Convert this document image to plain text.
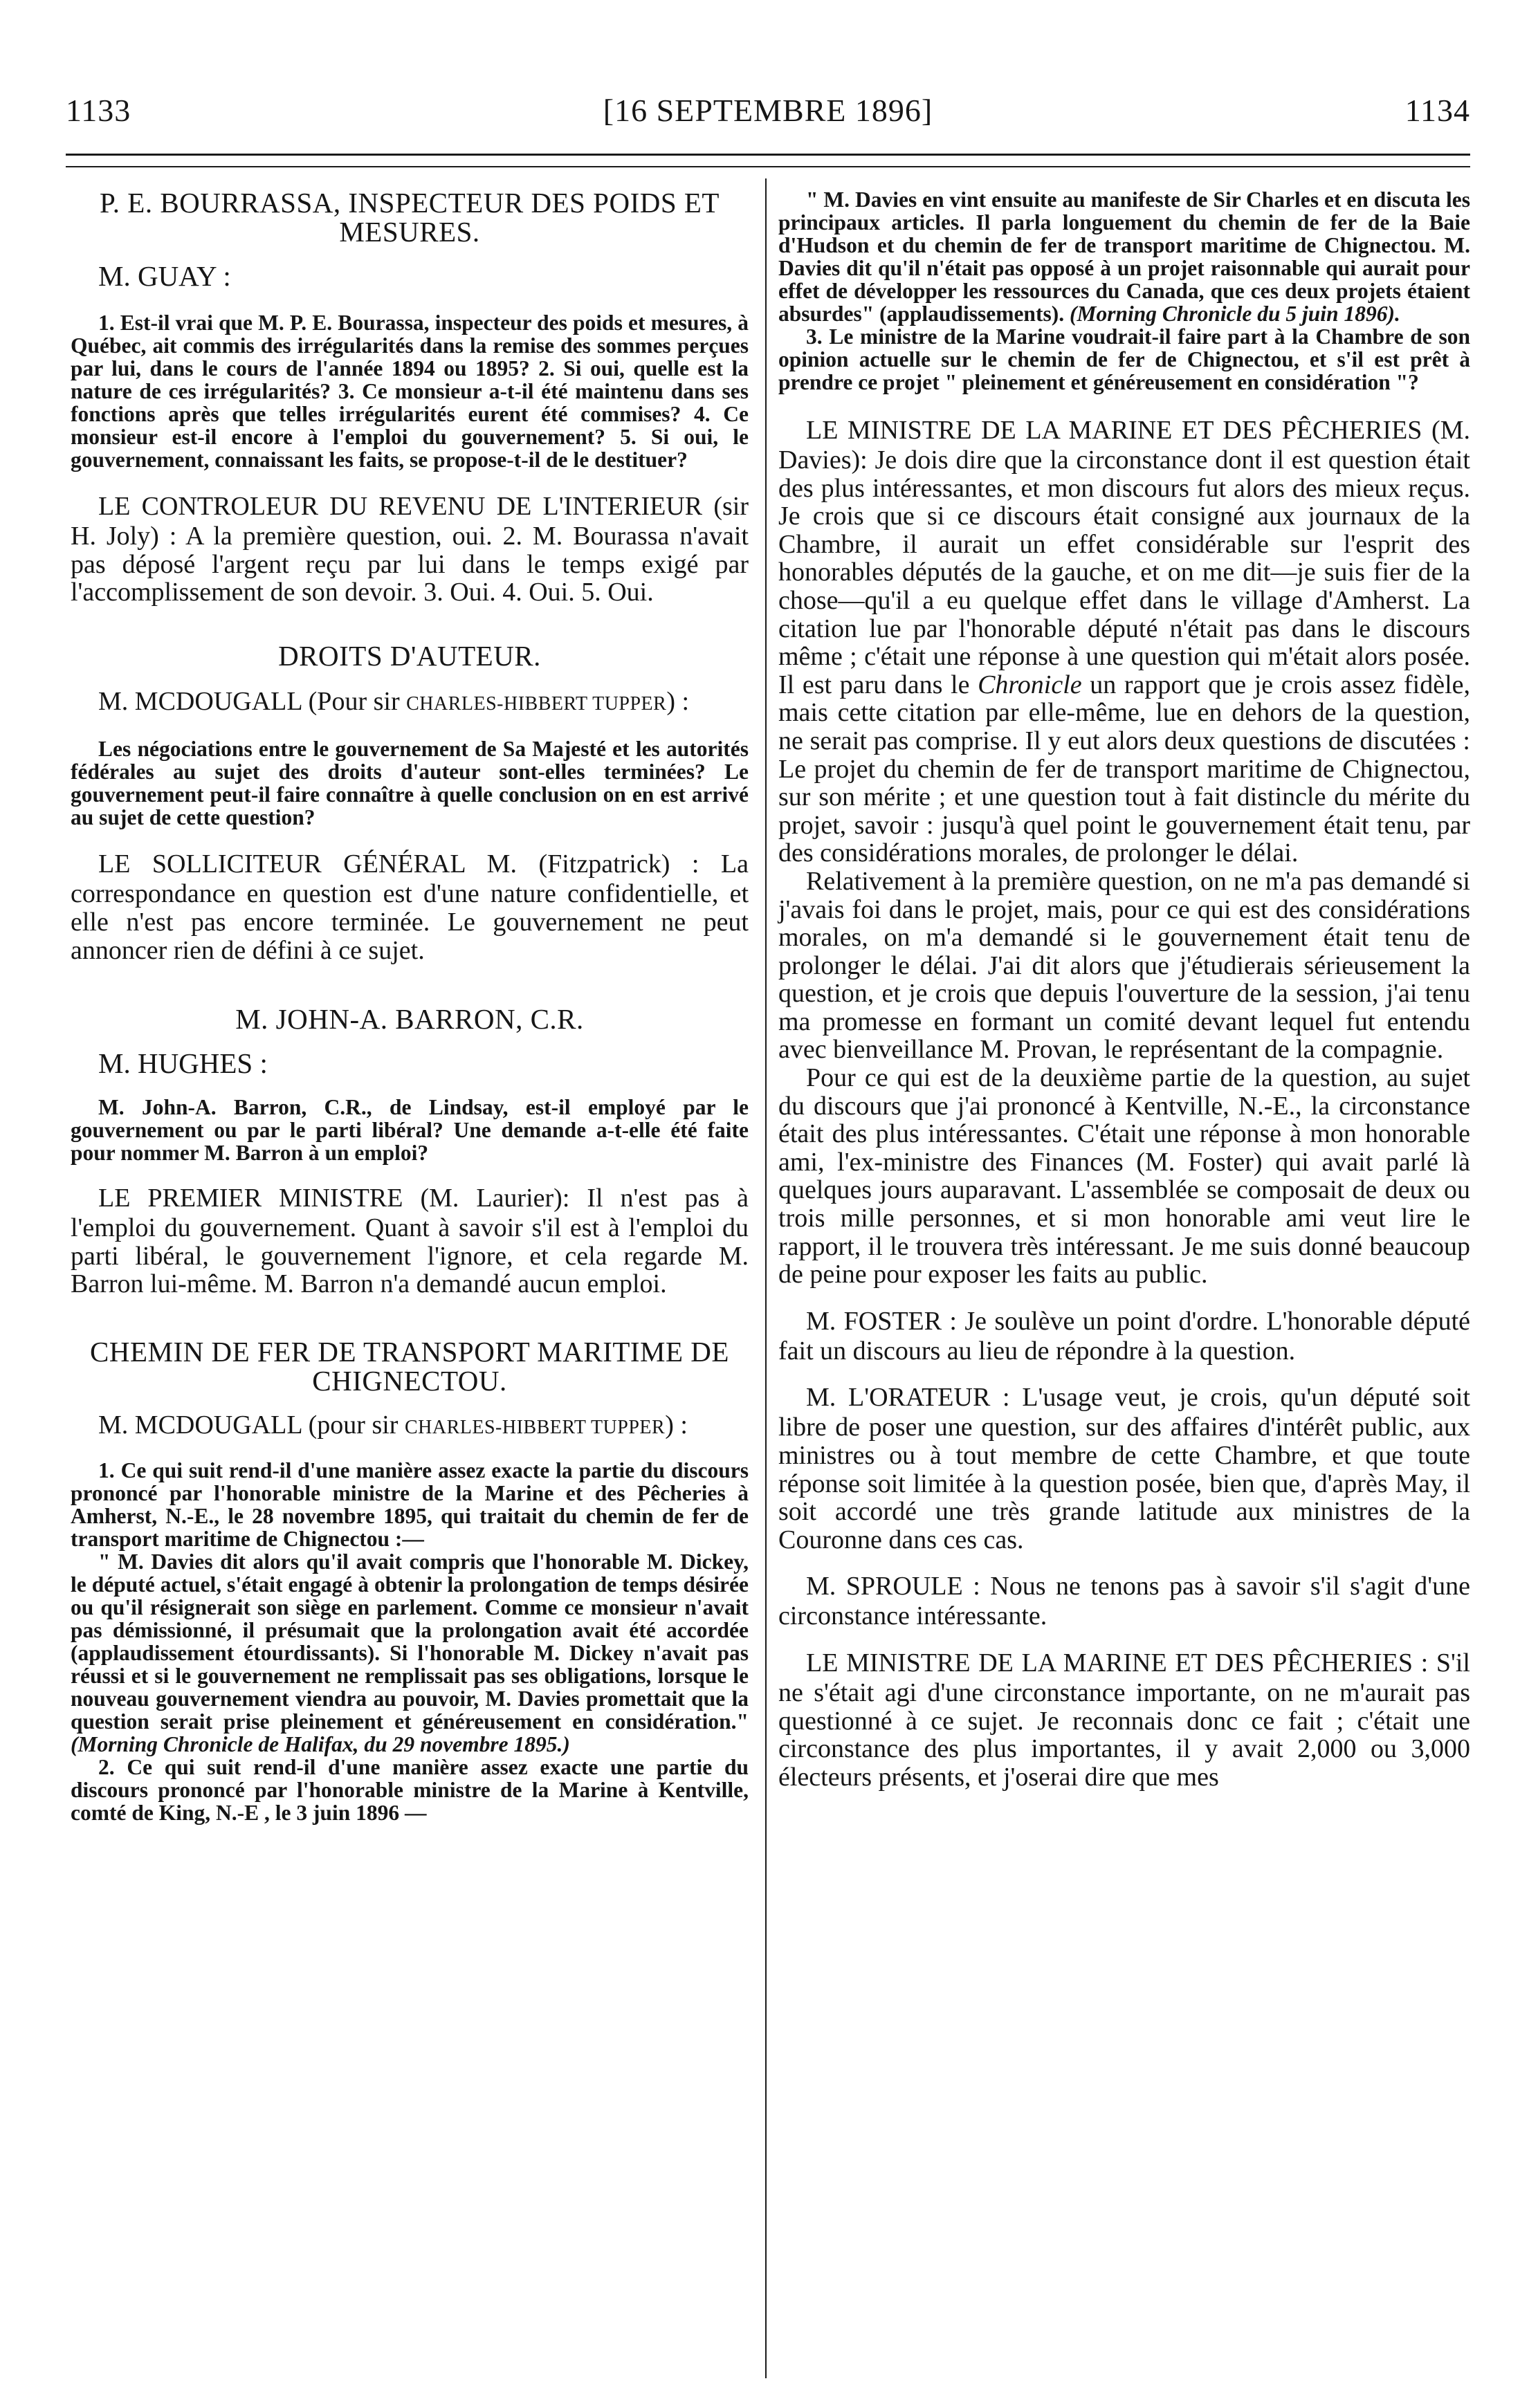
1133	[16 SEPTEMBRE 1896]	1134

P. E. BOURRASSA, INSPECTEUR DES POIDS ET MESURES.

M. GUAY :

1. Est-il vrai que M. P. E. Bourassa, inspecteur des poids et mesures, à Québec, ait commis des irrégularités dans la remise des sommes perçues par lui, dans le cours de l'année 1894 ou 1895? 2. Si oui, quelle est la nature de ces irrégularités? 3. Ce monsieur a-t-il été maintenu dans ses fonctions après que telles irrégularités eurent été commises? 4. Ce monsieur est-il encore à l'emploi du gouvernement? 5. Si oui, le gouvernement, connaissant les faits, se propose-t-il de le destituer?

LE CONTROLEUR DU REVENU DE L'INTERIEUR (sir H. Joly) : A la première question, oui. 2. M. Bourassa n'avait pas déposé l'argent reçu par lui dans le temps exigé par l'accomplissement de son devoir. 3. Oui. 4. Oui. 5. Oui.

DROITS D'AUTEUR.

M. MCDOUGALL (Pour sir CHARLES-HIBBERT TUPPER) :

Les négociations entre le gouvernement de Sa Majesté et les autorités fédérales au sujet des droits d'auteur sont-elles terminées? Le gouvernement peut-il faire connaître à quelle conclusion on en est arrivé au sujet de cette question?

LE SOLLICITEUR GÉNÉRAL M. (Fitzpatrick) : La correspondance en question est d'une nature confidentielle, et elle n'est pas encore terminée. Le gouvernement ne peut annoncer rien de défini à ce sujet.

M. JOHN-A. BARRON, C.R.

M. HUGHES :

M. John-A. Barron, C.R., de Lindsay, est-il employé par le gouvernement ou par le parti libéral? Une demande a-t-elle été faite pour nommer M. Barron à un emploi?

LE PREMIER MINISTRE (M. Laurier): Il n'est pas à l'emploi du gouvernement. Quant à savoir s'il est à l'emploi du parti libéral, le gouvernement l'ignore, et cela regarde M. Barron lui-même. M. Barron n'a demandé aucun emploi.

CHEMIN DE FER DE TRANSPORT MARITIME DE CHIGNECTOU.

M. MCDOUGALL (pour sir CHARLES-HIBBERT TUPPER) :

1. Ce qui suit rend-il d'une manière assez exacte la partie du discours prononcé par l'honorable ministre de la Marine et des Pêcheries à Amherst, N.-E., le 28 novembre 1895, qui traitait du chemin de fer de transport maritime de Chignectou :—

" M. Davies dit alors qu'il avait compris que l'honorable M. Dickey, le député actuel, s'était engagé à obtenir la prolongation de temps désirée ou qu'il résignerait son siège en parlement. Comme ce monsieur n'avait pas démissionné, il présumait que la prolongation avait été accordée (applaudissement étourdissants). Si l'honorable M. Dickey n'avait pas réussi et si le gouvernement ne remplissait pas ses obligations, lorsque le nouveau gouvernement viendra au pouvoir, M. Davies promettait que la question serait prise pleinement et généreusement en considération." (Morning Chronicle de Halifax, du 29 novembre 1895.)

2. Ce qui suit rend-il d'une manière assez exacte une partie du discours prononcé par l'honorable ministre de la Marine à Kentville, comté de King, N.-E , le 3 juin 1896 —

" M. Davies en vint ensuite au manifeste de Sir Charles et en discuta les principaux articles. Il parla longuement du chemin de fer de la Baie d'Hudson et du chemin de fer de transport maritime de Chignectou. M. Davies dit qu'il n'était pas opposé à un projet raisonnable qui aurait pour effet de développer les ressources du Canada, que ces deux projets étaient absurdes" (applaudissements). (Morning Chronicle du 5 juin 1896).

3. Le ministre de la Marine voudrait-il faire part à la Chambre de son opinion actuelle sur le chemin de fer de Chignectou, et s'il est prêt à prendre ce projet " pleinement et généreusement en considération "?

LE MINISTRE DE LA MARINE ET DES PÊCHERIES (M. Davies): Je dois dire que la circonstance dont il est question était des plus intéressantes, et mon discours fut alors des mieux reçus. Je crois que si ce discours était consigné aux journaux de la Chambre, il aurait un effet considérable sur l'esprit des honorables députés de la gauche, et on me dit—je suis fier de la chose—qu'il a eu quelque effet dans le village d'Amherst. La citation lue par l'honorable député n'était pas dans le discours même ; c'était une réponse à une question qui m'était alors posée. Il est paru dans le Chronicle un rapport que je crois assez fidèle, mais cette citation par elle-même, lue en dehors de la question, ne serait pas comprise. Il y eut alors deux questions de discutées : Le projet du chemin de fer de transport maritime de Chignectou, sur son mérite ; et une question tout à fait distincle du mérite du projet, savoir : jusqu'à quel point le gouvernement était tenu, par des considérations morales, de prolonger le délai.

Relativement à la première question, on ne m'a pas demandé si j'avais foi dans le projet, mais, pour ce qui est des considérations morales, on m'a demandé si le gouvernement était tenu de prolonger le délai. J'ai dit alors que j'étudierais sérieusement la question, et je crois que depuis l'ouverture de la session, j'ai tenu ma promesse en formant un comité devant lequel fut entendu avec bienveillance M. Provan, le représentant de la compagnie.

Pour ce qui est de la deuxième partie de la question, au sujet du discours que j'ai prononcé à Kentville, N.-E., la circonstance était des plus intéressantes. C'était une réponse à mon honorable ami, l'ex-ministre des Finances (M. Foster) qui avait parlé là quelques jours auparavant. L'assemblée se composait de deux ou trois mille personnes, et si mon honorable ami veut lire le rapport, il le trouvera très intéressant. Je me suis donné beaucoup de peine pour exposer les faits au public.

M. FOSTER : Je soulève un point d'ordre. L'honorable député fait un discours au lieu de répondre à la question.

M. L'ORATEUR : L'usage veut, je crois, qu'un député soit libre de poser une question, sur des affaires d'intérêt public, aux ministres ou à tout membre de cette Chambre, et que toute réponse soit limitée à la question posée, bien que, d'après May, il soit accordé une très grande latitude aux ministres de la Couronne dans ces cas.

M. SPROULE : Nous ne tenons pas à savoir s'il s'agit d'une circonstance intéressante.

LE MINISTRE DE LA MARINE ET DES PÊCHERIES : S'il ne s'était agi d'une circonstance importante, on ne m'aurait pas questionné à ce sujet. Je reconnais donc ce fait ; c'était une circonstance des plus importantes, il y avait 2,000 ou 3,000 électeurs présents, et j'oserai dire que mes
